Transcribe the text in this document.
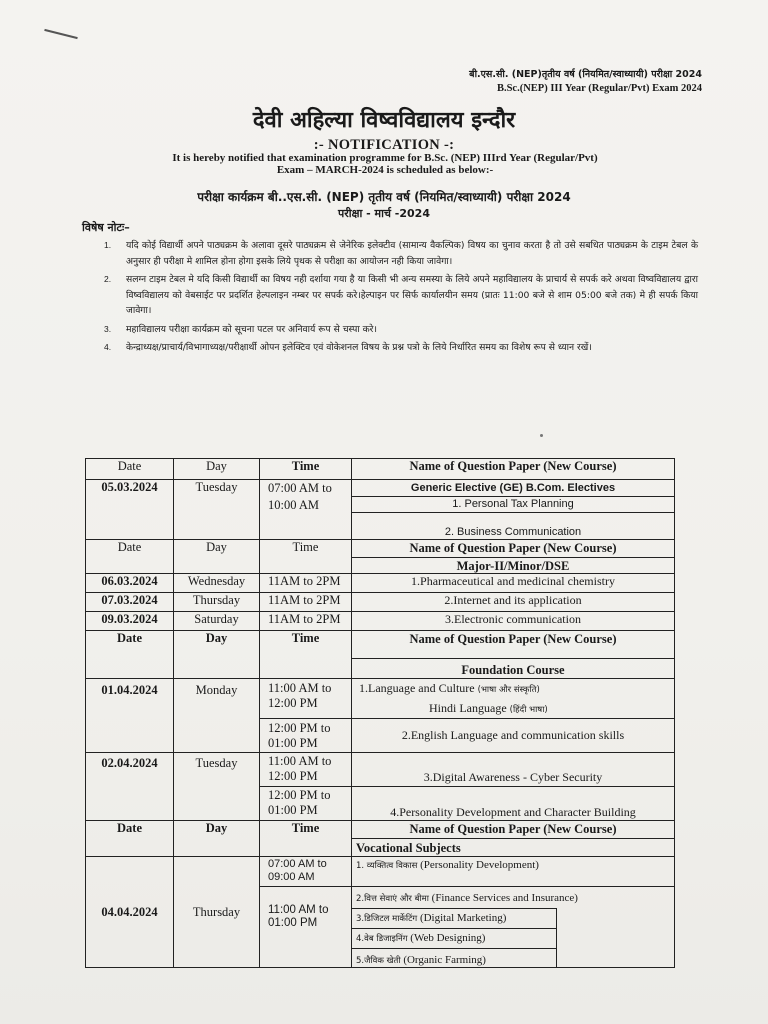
बी.एस.सी. (NEP)तृतीय वर्ष (नियमित/स्वाध्यायी) परीक्षा 2024
B.Sc.(NEP) III Year (Regular/Pvt) Exam 2024
देवी अहिल्या विष्वविद्यालय इन्दौर
:- NOTIFICATION -:
It is hereby notified that examination programme for B.Sc. (NEP) IIIrd Year (Regular/Pvt)
Exam – MARCH-2024 is scheduled as below:-
परीक्षा कार्यक्रम बी..एस.सी. (NEP) तृतीय वर्ष (नियमित/स्वाध्यायी) परीक्षा 2024
परीक्षा - मार्च -2024
विषेष नोटः–
1. यदि कोई विद्यार्थी अपने पाठ्यक्रम के अलावा दूसरे पाठ्यक्रम से जेनेरिक इलेक्टीव (सामान्य वैकल्पिक) विषय का चुनाव करता है तो उसे सबधित पाठ्यक्रम के टाइम टेबल के अनुसार ही परीक्षा मे शामिल होना होगा इसके लिये पृथक से परीक्षा का आयोजन नही किया जावेगा।
2. सलग्न टाइम टेबल मे यदि किसी विद्यार्थी का विषय नही दर्शाया गया है या किसी भी अन्य समस्या के लिये अपने महाविद्यालय के प्राचार्य से सपर्क करे अथवा विष्वविद्यालय द्वारा विष्वविद्यालय को वेबसाईट पर प्रदर्शित हेल्पलाइन नम्बर पर सपर्क करे।हेल्पाइन पर सिर्फ कार्यालयीन समय (प्रातः 11:00 बजे से शाम 05:00 बजे तक) मे ही सपर्क किया जावेगा।
3. महाविद्यालय परीक्षा कार्यक्रम को सूचना पटल पर अनिवार्य रूप से चस्पा करे।
4. केन्द्राध्यक्ष/प्राचार्य/विभागाध्यक्ष/परीक्षार्थी ओपन इलेक्टिव एवं वोकेशनल विषय के प्रश्न पत्रो के लिये निर्धारित समय का विशेष रूप से ध्यान रखें।
Date	Day	Time	Name of Question Paper (New Course)
05.03.2024	Tuesday	07:00 AM to 10:00 AM	Generic Elective (GE) B.Com. Electives
1. Personal Tax Planning
2. Business Communication

Date	Day	Time	Name of Question Paper (New Course)
Major-II/Minor/DSE

06.03.2024	Wednesday	11AM to 2PM	1.Pharmaceutical and medicinal chemistry
07.03.2024	Thursday	11AM to 2PM	2.Internet and its application
09.03.2024	Saturday	11AM to 2PM	3.Electronic communication
Date	Day	Time	Name of Question Paper (New Course)
Foundation Course

01.04.2024	Monday	11:00 AM to 12:00 PM	1.Language and Culture (भाषा और संस्कृति)
Hindi Language (हिंदी भाषा)

		12:00 PM to 01:00 PM	2.English Language and communication skills
02.04.2024	Tuesday	11:00 AM to 12:00 PM	3.Digital Awareness - Cyber Security
		12:00 PM to 01:00 PM	4.Personality Development and Character Building
Date	Day	Time	Name of Question Paper (New Course)
Vocational Subjects

04.04.2024	Thursday	07:00 AM to 09:00 AM	1. व्यक्तित्व विकास (Personality Development)
		11:00 AM to 01:00 PM	2.वित्त सेवाएं और बीमा (Finance Services and Insurance)
3.डिजिटल मार्केटिंग (Digital Marketing)
4.वेब डिजाइनिंग (Web Designing)
5.जैविक खेती (Organic Farming)
